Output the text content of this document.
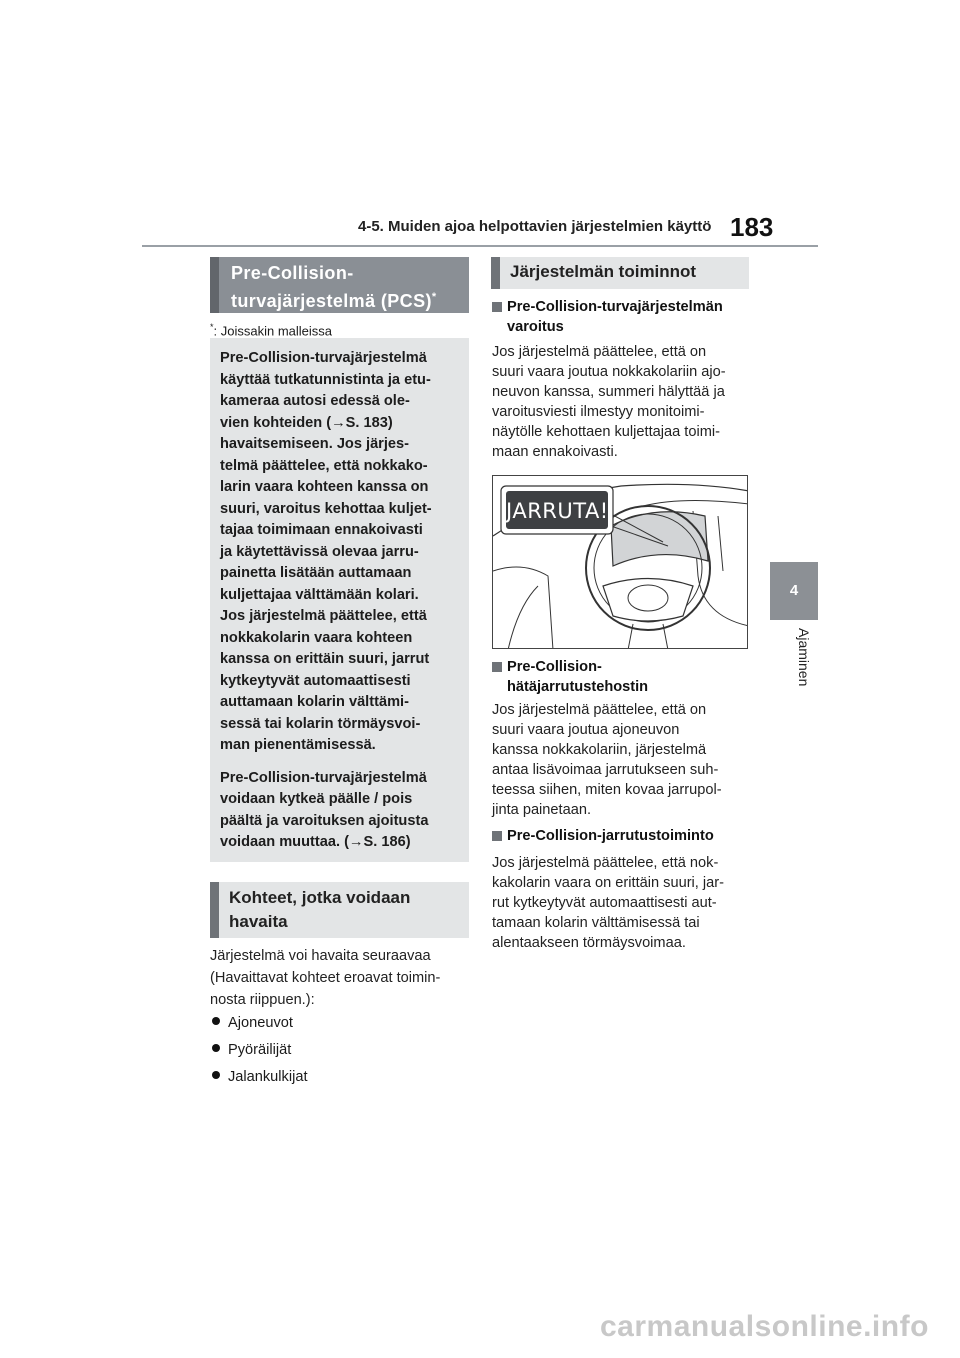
4-5. Muiden ajoa helpottavien järjestelmien käyttö 183
4
Ajaminen
Pre-Collision-
turvajärjestelmä (PCS)*
*: Joissakin malleissa

Pre-Collision-turvajärjestelmä
käyttää tutkatunnistinta ja etu-
kameraa autosi edessä ole-
vien kohteiden (→S. 183)
havaitsemiseen. Jos järjes-
telmä päättelee, että nokkako-
larin vaara kohteen kanssa on
suuri, varoitus kehottaa kuljet-
tajaa toimimaan ennakoivasti
ja käytettävissä olevaa jarru-
painetta lisätään auttamaan
kuljettajaa välttämään kolari.
Jos järjestelmä päättelee, että
nokkakolarin vaara kohteen
kanssa on erittäin suuri, jarrut
kytkeytyvät automaattisesti
auttamaan kolarin välttämi-
sessä tai kolarin törmäysvoi-
man pienentämisessä.

Pre-Collision-turvajärjestelmä
voidaan kytkeä päälle / pois
päältä ja varoituksen ajoitusta
voidaan muuttaa. (→S. 186)

Kohteet, jotka voidaan
havaita
Järjestelmä voi havaita seuraavaa
(Havaittavat kohteet eroavat toimin-
nosta riippuen.):
Ajoneuvot
Pyöräilijät
Jalankulkijat
Järjestelmän toiminnot
Pre-Collision-turvajärjestelmän
varoitus
Jos järjestelmä päättelee, että on
suuri vaara joutua nokkakolariin ajo-
neuvon kanssa, summeri hälyttää ja
varoitusviesti ilmestyy monitoimi-
näytölle kehottaen kuljettajaa toimi-
maan ennakoivasti.
JARRUTA!
Pre-Collision-
hätäjarrutustehostin
Jos järjestelmä päättelee, että on
suuri vaara joutua ajoneuvon
kanssa nokkakolariin, järjestelmä
antaa lisävoimaa jarrutukseen suh-
teessa siihen, miten kovaa jarrupol-
jinta painetaan.
Pre-Collision-jarrutustoiminto
Jos järjestelmä päättelee, että nok-
kakolarin vaara on erittäin suuri, jar-
rut kytkeytyvät automaattisesti aut-
tamaan kolarin välttämisessä tai
alentaakseen törmäysvoimaa.
carmanualsonline.info
